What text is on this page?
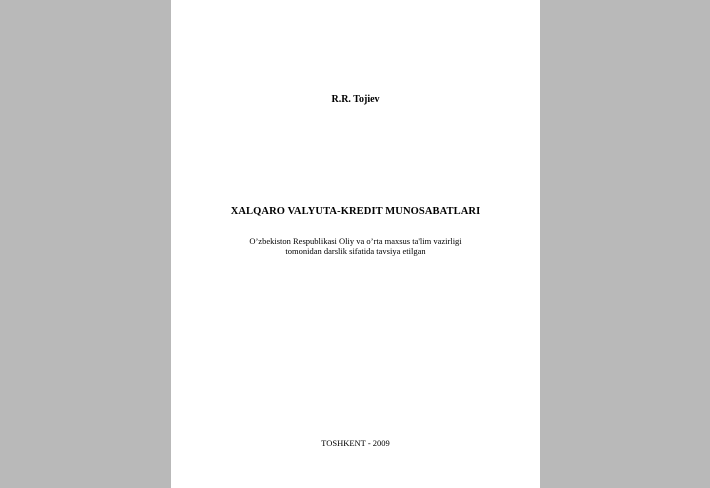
R.R. Tojiev
XALQARO VALYUTA-KREDIT MUNOSABATLARI
O’zbekiston Respublikasi Oliy va o’rta maxsus ta'lim vazirligi
tomonidan darslik sifatida tavsiya etilgan
TOSHKENT - 2009
